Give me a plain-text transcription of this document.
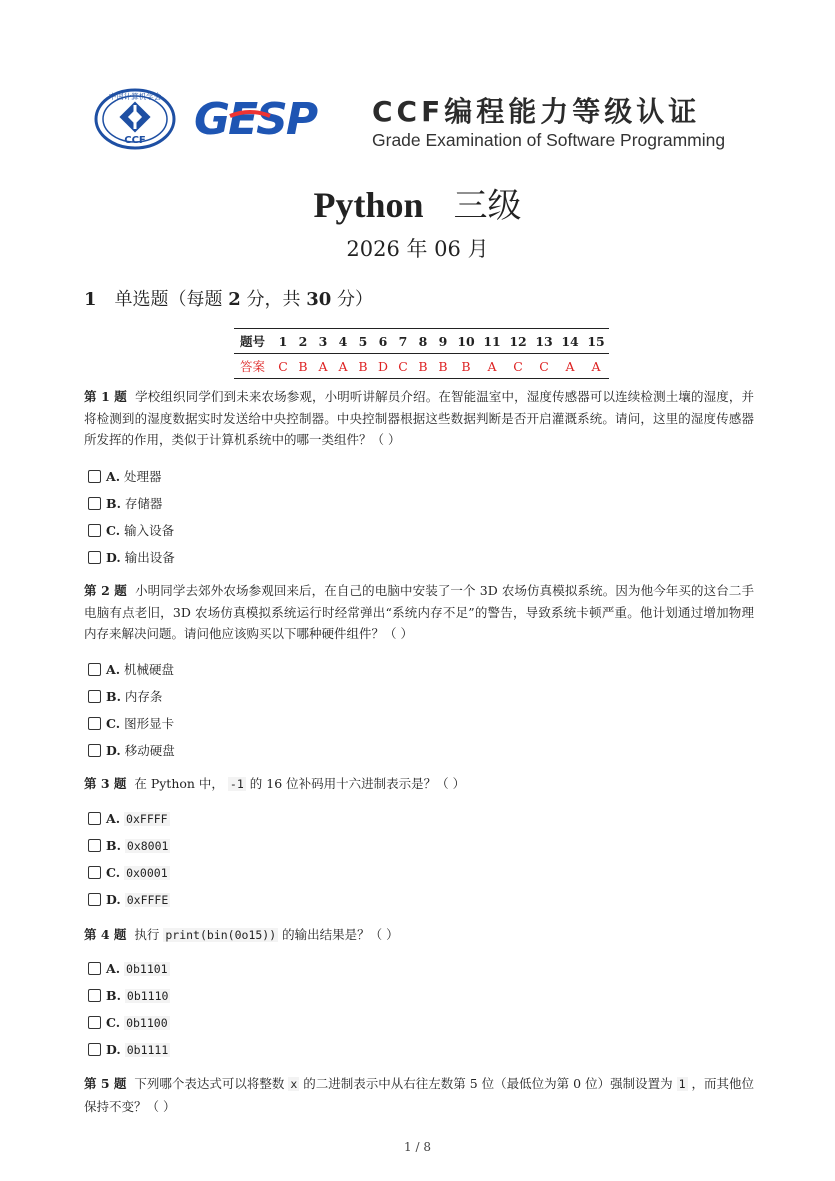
中国计算机学会
CCF GESP CCF编程能力等级认证
Grade Examination of Software Programming
Python 三级
2026 年 06 月
1 单选题（每题 2 分，共 30 分）
题号	1	2	3	4	5	6	7	8	9	10	11	12	13	14	15
答案	C	B	A	A	B	D	C	B	B	B	A	C	C	A	A
第 1 题 学校组织同学们到未来农场参观，小明听讲解员介绍。在智能温室中，湿度传感器可以连续检测土壤的湿度，并将检测到的湿度数据实时发送给中央控制器。中央控制器根据这些数据判断是否开启灌溉系统。请问，这里的湿度传感器所发挥的作用，类似于计算机系统中的哪一类组件？（ ）
A. 处理器
B. 存储器
C. 输入设备
D. 输出设备
第 2 题 小明同学去郊外农场参观回来后，在自己的电脑中安装了一个 3D 农场仿真模拟系统。因为他今年买的这台二手电脑有点老旧，3D 农场仿真模拟系统运行时经常弹出“系统内存不足”的警告，导致系统卡顿严重。他计划通过增加物理内存来解决问题。请问他应该购买以下哪种硬件组件？（ ）
A. 机械硬盘
B. 内存条
C. 图形显卡
D. 移动硬盘
第 3 题 在 Python 中， -1 的 16 位补码用十六进制表示是？（ ）
A. 0xFFFF
B. 0x8001
C. 0x0001
D. 0xFFFE
第 4 题 执行 print(bin(0o15)) 的输出结果是？（ ）
A. 0b1101
B. 0b1110
C. 0b1100
D. 0b1111
第 5 题 下列哪个表达式可以将整数 x 的二进制表示中从右往左数第 5 位（最低位为第 0 位）强制设置为 1 ，而其他位保持不变？（ ）
1 / 8
